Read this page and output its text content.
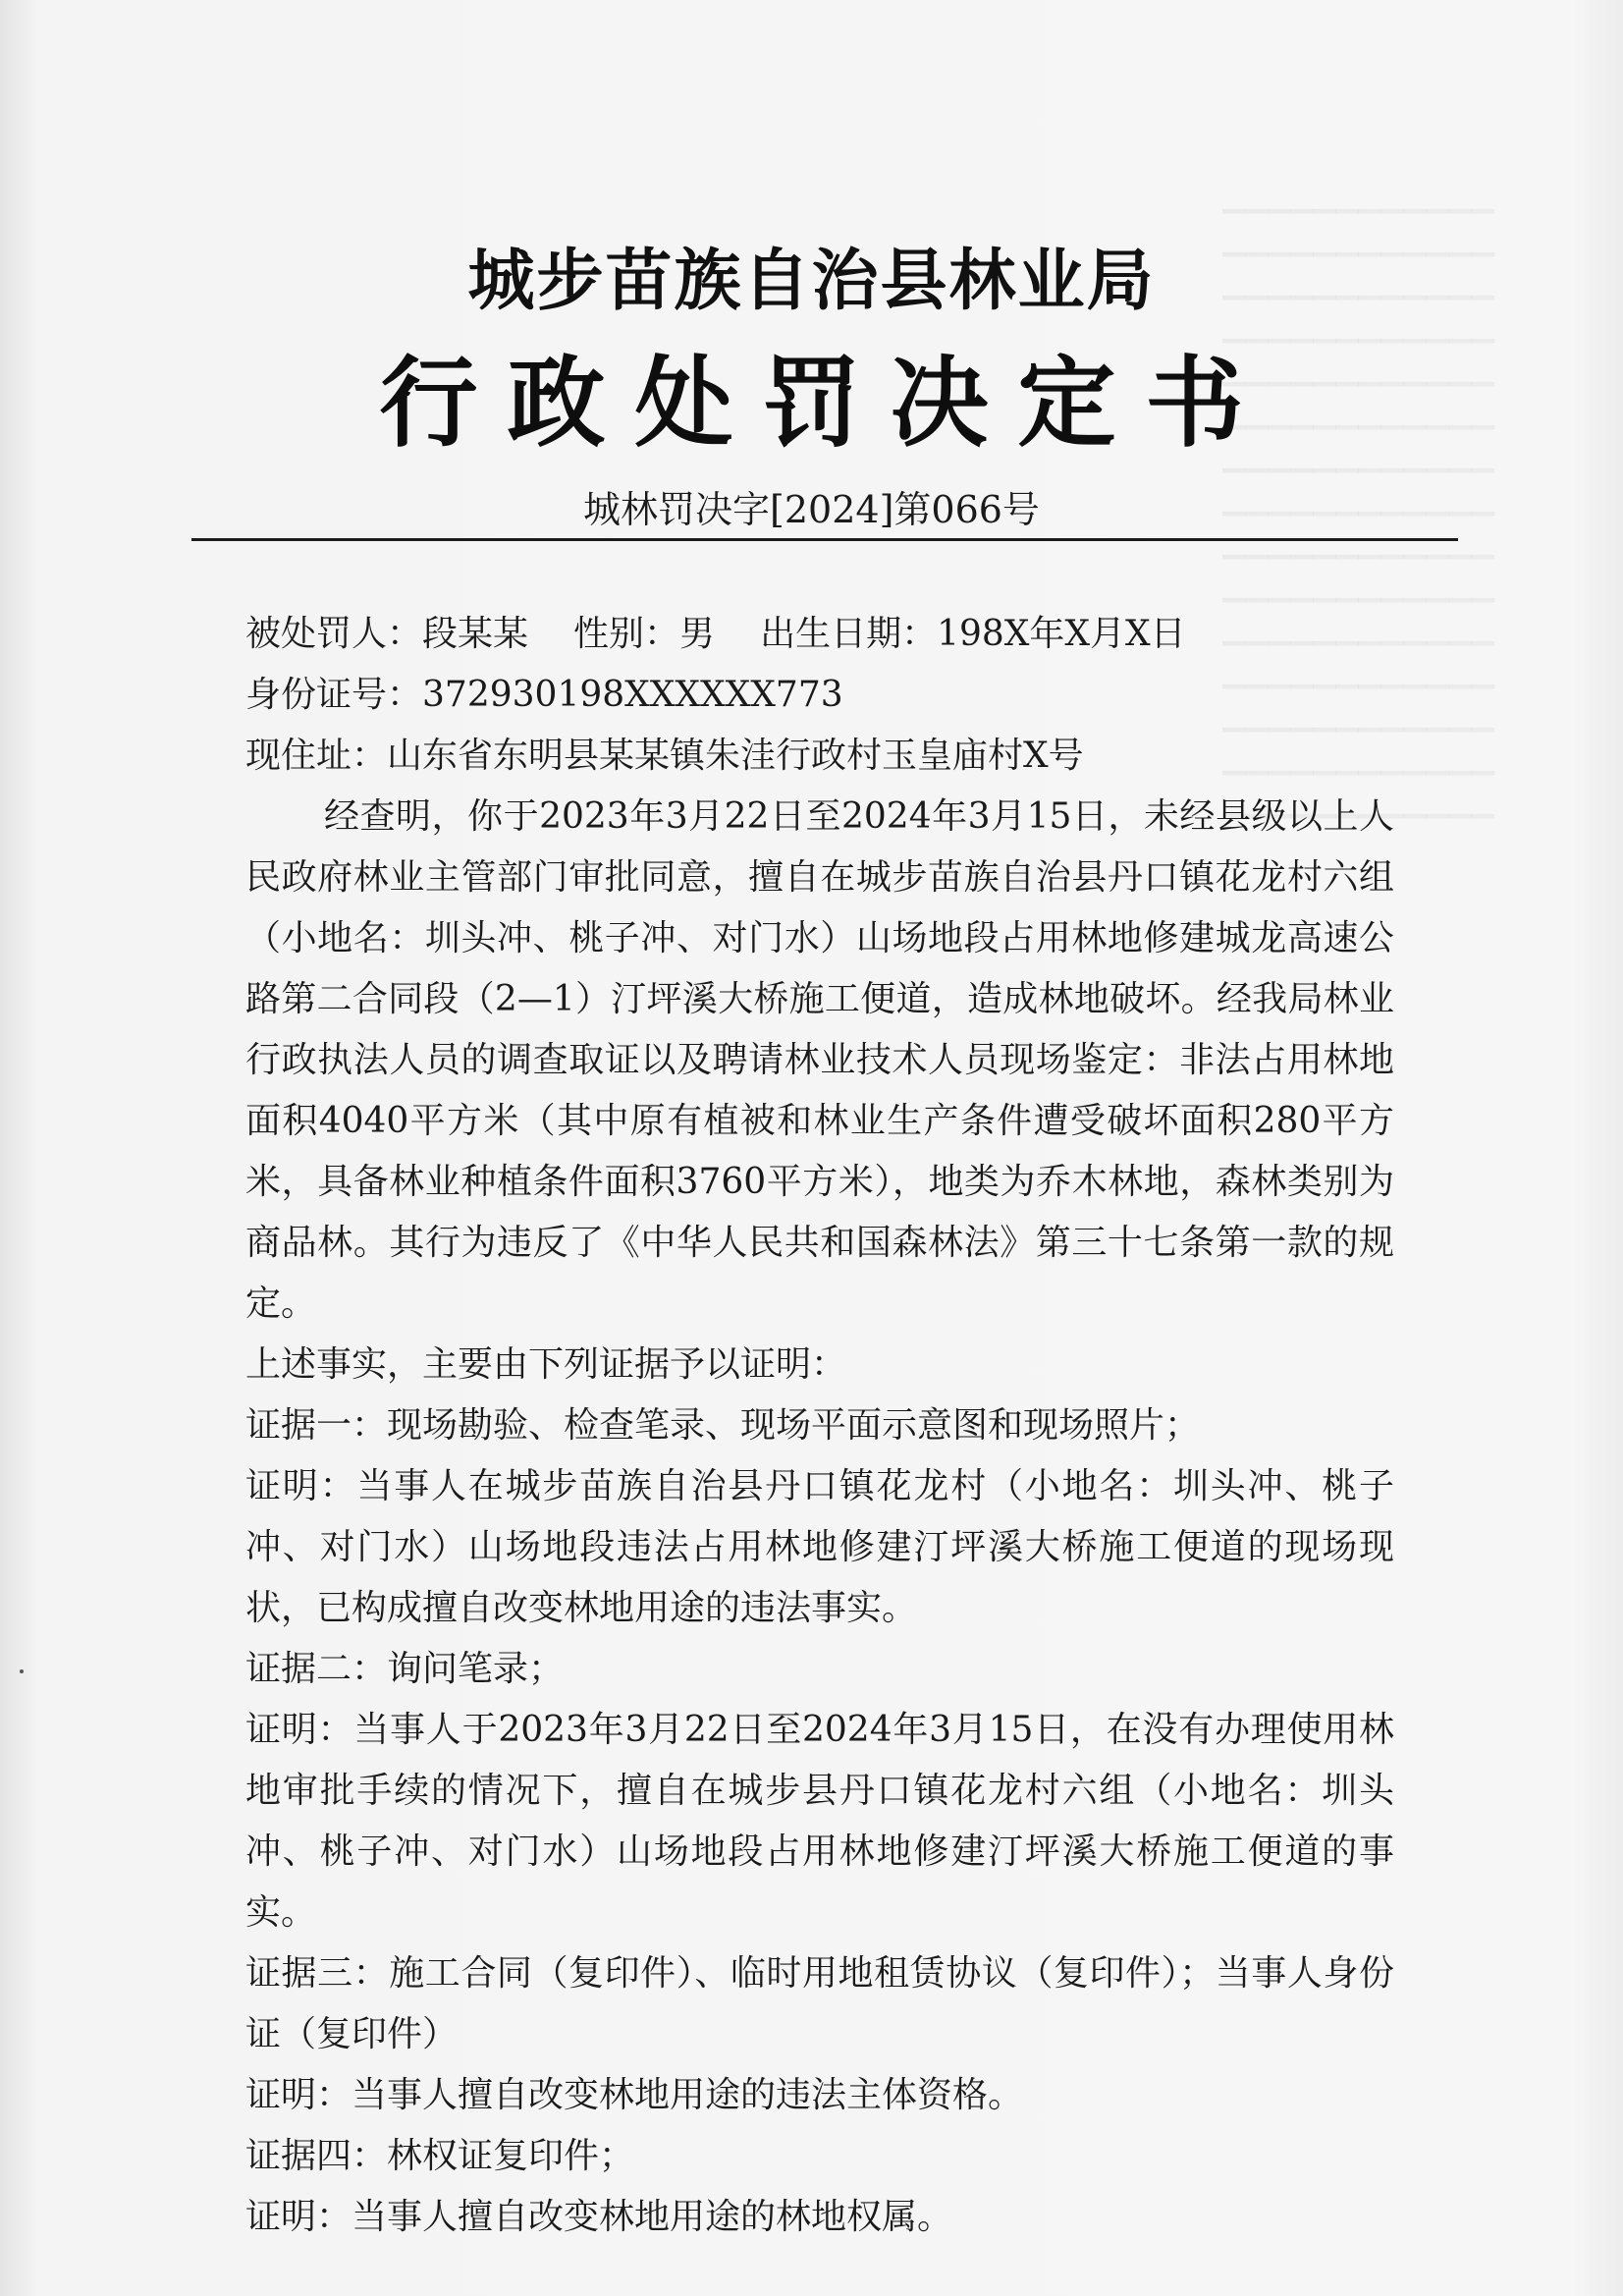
城步苗族自治县林业局
行政处罚决定书

城林罚决字[2024]第066号

被处罚人：段某某 性别：男 出生日期：198X年X月X日

身份证号：372930198XXXXXX773

现住址：山东省东明县某某镇朱洼行政村玉皇庙村X号

经查明，你于2023年3月22日至2024年3月15日，未经县级以上人民政府林业主管部门审批同意，擅自在城步苗族自治县丹口镇花龙村六组（小地名：圳头冲、桃子冲、对门水）山场地段占用林地修建城龙高速公路第二合同段（2—1）汀坪溪大桥施工便道，造成林地破坏。经我局林业行政执法人员的调查取证以及聘请林业技术人员现场鉴定：非法占用林地面积4040平方米（其中原有植被和林业生产条件遭受破坏面积280平方米，具备林业种植条件面积3760平方米），地类为乔木林地，森林类别为商品林。其行为违反了《中华人民共和国森林法》第三十七条第一款的规定。

上述事实，主要由下列证据予以证明：

证据一：现场勘验、检查笔录、现场平面示意图和现场照片；

证明：当事人在城步苗族自治县丹口镇花龙村（小地名：圳头冲、桃子冲、对门水）山场地段违法占用林地修建汀坪溪大桥施工便道的现场现状，已构成擅自改变林地用途的违法事实。

证据二：询问笔录；

证明：当事人于2023年3月22日至2024年3月15日，在没有办理使用林地审批手续的情况下，擅自在城步县丹口镇花龙村六组（小地名：圳头冲、桃子冲、对门水）山场地段占用林地修建汀坪溪大桥施工便道的事实。

证据三：施工合同（复印件）、临时用地租赁协议（复印件）；当事人身份证（复印件）

证明：当事人擅自改变林地用途的违法主体资格。

证据四：林权证复印件；

证明：当事人擅自改变林地用途的林地权属。
